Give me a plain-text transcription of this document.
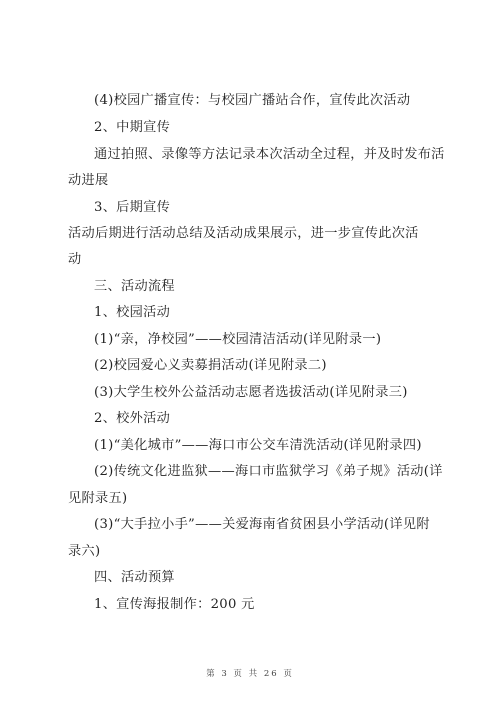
(4)校园广播宣传：与校园广播站合作，宣传此次活动
2、中期宣传
通过拍照、录像等方法记录本次活动全过程，并及时发布活
动进展
3、后期宣传
活动后期进行活动总结及活动成果展示，进一步宣传此次活
动
三、活动流程
1、校园活动
(1)“亲，净校园”——校园清洁活动(详见附录一)
(2)校园爱心义卖募捐活动(详见附录二)
(3)大学生校外公益活动志愿者选拔活动(详见附录三)
2、校外活动
(1)“美化城市”——海口市公交车清洗活动(详见附录四)
(2)传统文化进监狱——海口市监狱学习《弟子规》活动(详
见附录五)
(3)“大手拉小手”——关爱海南省贫困县小学活动(详见附
录六)
四、活动预算
1、宣传海报制作：200 元
第 3 页 共 26 页
